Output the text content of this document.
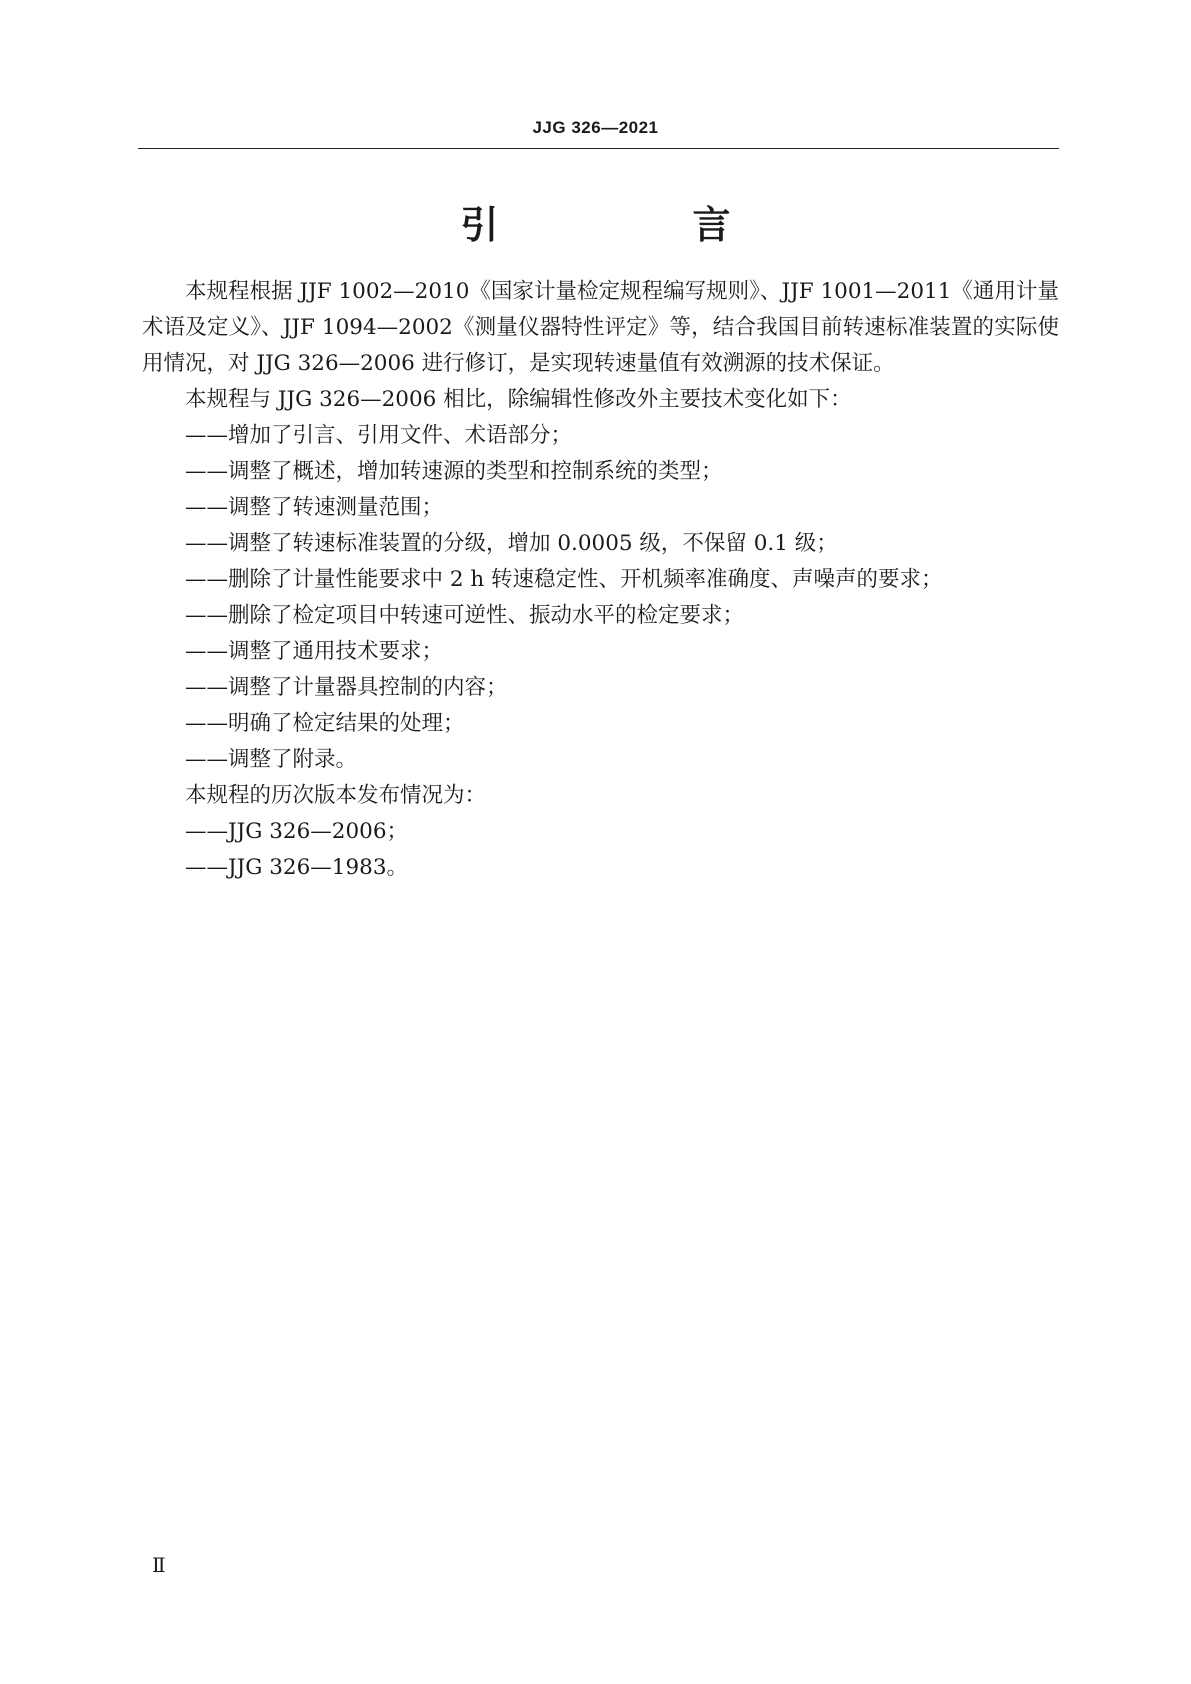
JJG 326—2021
引　言

本规程根据 JJF 1002—2010《国家计量检定规程编写规则》、JJF 1001—2011《通用计量术语及定义》、JJF 1094—2002《测量仪器特性评定》等，结合我国目前转速标准装置的实际使用情况，对 JJG 326—2006 进行修订，是实现转速量值有效溯源的技术保证。

本规程与 JJG 326—2006 相比，除编辑性修改外主要技术变化如下：

——增加了引言、引用文件、术语部分；

——调整了概述，增加转速源的类型和控制系统的类型；

——调整了转速测量范围；

——调整了转速标准装置的分级，增加 0.0005 级，不保留 0.1 级；

——删除了计量性能要求中 2 h 转速稳定性、开机频率准确度、声噪声的要求；

——删除了检定项目中转速可逆性、振动水平的检定要求；

——调整了通用技术要求；

——调整了计量器具控制的内容；

——明确了检定结果的处理；

——调整了附录。

本规程的历次版本发布情况为：

——JJG 326—2006；

——JJG 326—1983。

Ⅱ
